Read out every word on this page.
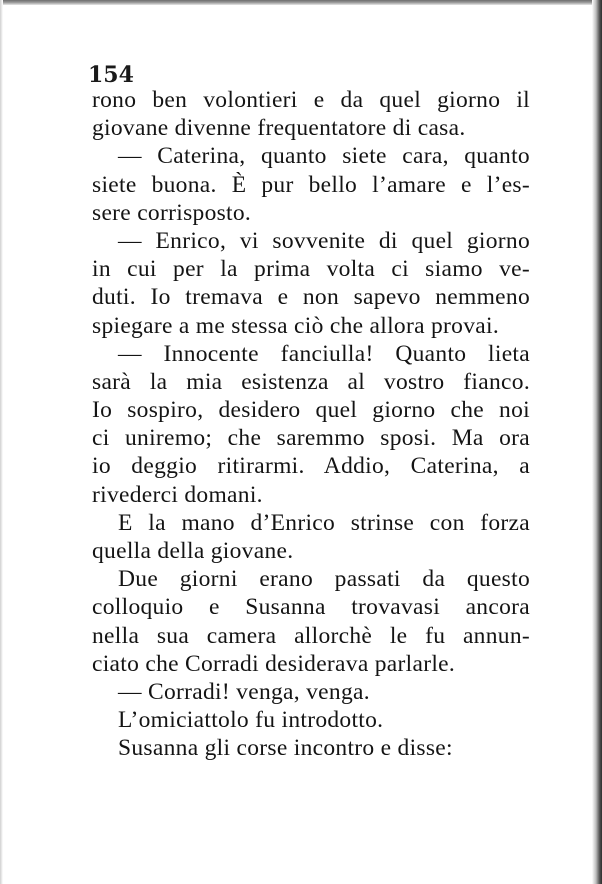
154
rono ben volontieri e da quel giorno il
giovane divenne frequentatore di casa.
— Caterina, quanto siete cara, quanto
siete buona. È pur bello l’amare e l’es-
sere corrisposto.
— Enrico, vi sovvenite di quel giorno
in cui per la prima volta ci siamo ve-
duti. Io tremava e non sapevo nemmeno
spiegare a me stessa ciò che allora provai.
— Innocente fanciulla! Quanto lieta
sarà la mia esistenza al vostro fianco.
Io sospiro, desidero quel giorno che noi
ci uniremo; che saremmo sposi. Ma ora
io deggio ritirarmi. Addio, Caterina, a
rivederci domani.
E la mano d’Enrico strinse con forza
quella della giovane.
Due giorni erano passati da questo
colloquio e Susanna trovavasi ancora
nella sua camera allorchè le fu annun-
ciato che Corradi desiderava parlarle.
— Corradi! venga, venga.
L’omiciattolo fu introdotto.
Susanna gli corse incontro e disse:
